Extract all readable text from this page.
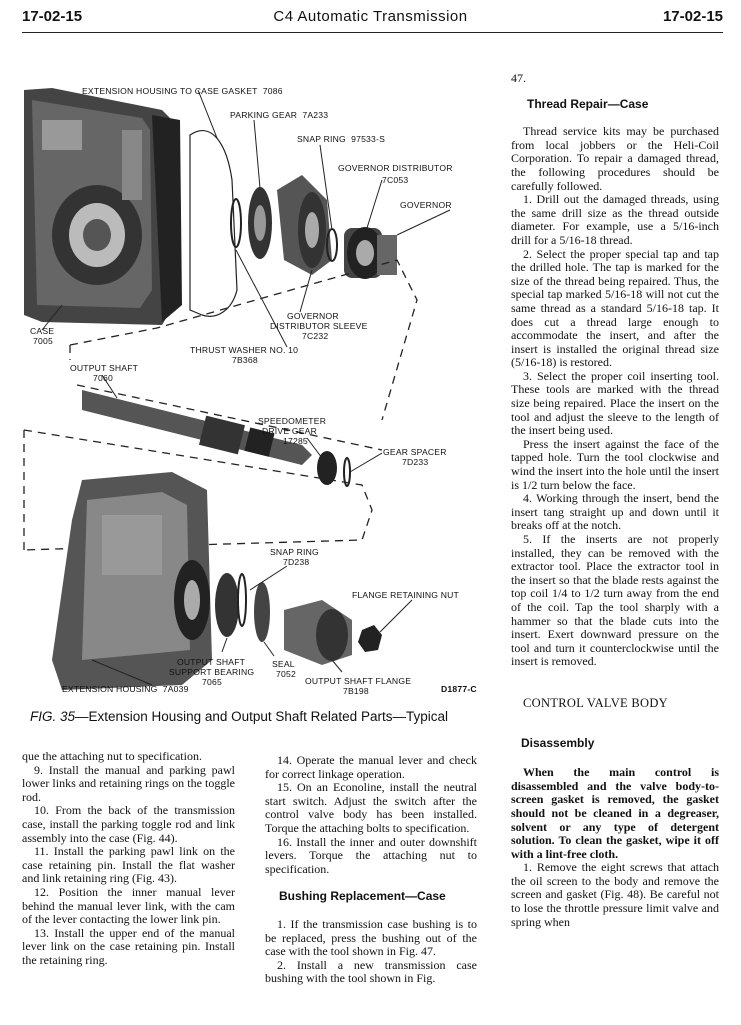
17-02-15	C4 Automatic Transmission	17-02-15
EXTENSION HOUSING TO CASE GASKET 7086
PARKING GEAR 7A233
SNAP RING 97533-S
GOVERNOR DISTRIBUTOR
7C053
GOVERNOR
CASE
7005
GOVERNOR
DISTRIBUTOR SLEEVE
7C232
THRUST WASHER NO. 10
7B368
OUTPUT SHAFT
7060
SPEEDOMETER
DRIVE GEAR
17285
GEAR SPACER
7D233
SNAP RING
7D238
FLANGE RETAINING NUT
OUTPUT SHAFT
SUPPORT BEARING
7065
SEAL
7052
OUTPUT SHAFT FLANGE
7B198
EXTENSION HOUSING 7A039	D1877-C
FIG. 35—Extension Housing and Output Shaft Related Parts—Typical

que the attaching nut to specification.

9. Install the manual and parking pawl lower links and retaining rings on the toggle rod.

10. From the back of the transmission case, install the parking toggle rod and link assembly into the case (Fig. 44).

11. Install the parking pawl link on the case retaining pin. Install the flat washer and link retaining ring (Fig. 43).

12. Position the inner manual lever behind the manual lever link, with the cam of the lever contacting the lower link pin.

13. Install the upper end of the manual lever link on the case retaining pin. Install the retaining ring.

14. Operate the manual lever and check for correct linkage operation.

15. On an Econoline, install the neutral start switch. Adjust the switch after the control valve body has been installed. Torque the attaching bolts to specification.

16. Install the inner and outer downshift levers. Torque the attaching nut to specification.

Bushing Replacement—Case

1. If the transmission case bushing is to be replaced, press the bushing out of the case with the tool shown in Fig. 47.

2. Install a new transmission case bushing with the tool shown in Fig.

47.

Thread Repair—Case

Thread service kits may be purchased from local jobbers or the Heli-Coil Corporation. To repair a damaged thread, the following procedures should be carefully followed.

1. Drill out the damaged threads, using the same drill size as the thread outside diameter. For example, use a 5/16-inch drill for a 5/16-18 thread.

2. Select the proper special tap and tap the drilled hole. The tap is marked for the size of the thread being repaired. Thus, the special tap marked 5/16-18 will not cut the same thread as a standard 5/16-18 tap. It does cut a thread large enough to accommodate the insert, and after the insert is installed the original thread size (5/16-18) is restored.

3. Select the proper coil inserting tool. These tools are marked with the thread size being repaired. Place the insert on the tool and adjust the sleeve to the length of the insert being used.

Press the insert against the face of the tapped hole. Turn the tool clockwise and wind the insert into the hole until the insert is 1/2 turn below the face.

4. Working through the insert, bend the insert tang straight up and down until it breaks off at the notch.

5. If the inserts are not properly installed, they can be removed with the extractor tool. Place the extractor tool in the insert so that the blade rests against the top coil 1/4 to 1/2 turn away from the end of the coil. Tap the tool sharply with a hammer so that the blade cuts into the insert. Exert downward pressure on the tool and turn it counterclockwise until the insert is removed.

CONTROL VALVE BODY

Disassembly

When the main control is disassembled and the valve body-to-screen gasket is removed, the gasket should not be cleaned in a degreaser, solvent or any type of detergent solution. To clean the gasket, wipe it off with a lint-free cloth.

1. Remove the eight screws that attach the oil screen to the body and remove the screen and gasket (Fig. 48). Be careful not to lose the throttle pressure limit valve and spring when
